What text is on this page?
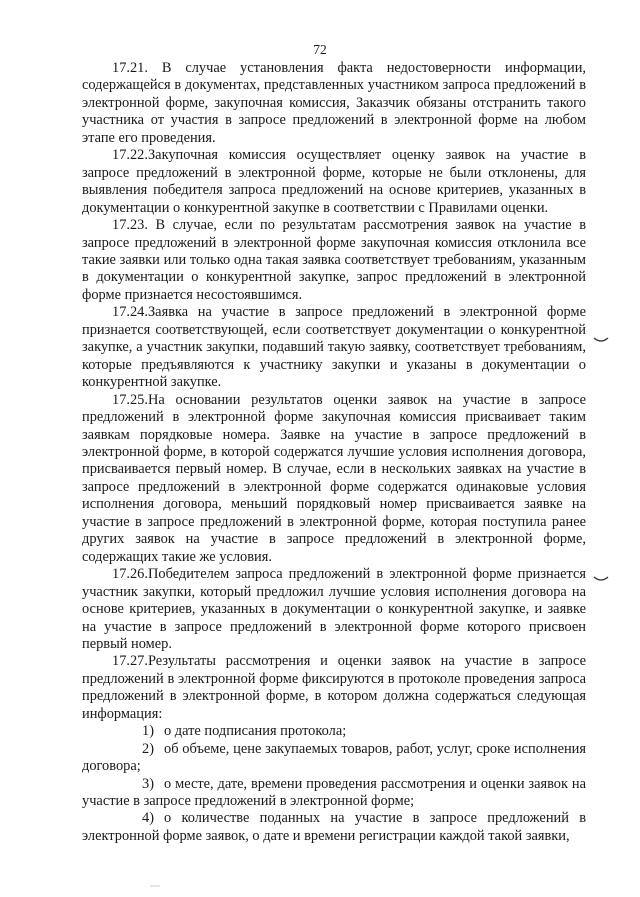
72

17.21. В случае установления факта недостоверности информации, содержащейся в документах, представленных участником запроса предложений в электронной форме, закупочная комиссия, Заказчик обязаны отстранить такого участника от участия в запросе предложений в электронной форме на любом этапе его проведения.

17.22.Закупочная комиссия осуществляет оценку заявок на участие в запросе предложений в электронной форме, которые не были отклонены, для выявления победителя запроса предложений на основе критериев, указанных в документации о конкурентной закупке в соответствии с Правилами оценки.

17.23. В случае, если по результатам рассмотрения заявок на участие в запросе предложений в электронной форме закупочная комиссия отклонила все такие заявки или только одна такая заявка соответствует требованиям, указанным в документации о конкурентной закупке, запрос предложений в электронной форме признается несостоявшимся.

17.24.Заявка на участие в запросе предложений в электронной форме признается соответствующей, если соответствует документации о конкурентной закупке, а участник закупки, подавший такую заявку, соответствует требованиям, которые предъявляются к участнику закупки и указаны в документации о конкурентной закупке.

17.25.На основании результатов оценки заявок на участие в запросе предложений в электронной форме закупочная комиссия присваивает таким заявкам порядковые номера. Заявке на участие в запросе предложений в электронной форме, в которой содержатся лучшие условия исполнения договора, присваивается первый номер. В случае, если в нескольких заявках на участие в запросе предложений в электронной форме содержатся одинаковые условия исполнения договора, меньший порядковый номер присваивается заявке на участие в запросе предложений в электронной форме, которая поступила ранее других заявок на участие в запросе предложений в электронной форме, содержащих такие же условия.

17.26.Победителем запроса предложений в электронной форме признается участник закупки, который предложил лучшие условия исполнения договора на основе критериев, указанных в документации о конкурентной закупке, и заявке на участие в запросе предложений в электронной форме которого присвоен первый номер.

17.27.Результаты рассмотрения и оценки заявок на участие в запросе предложений в электронной форме фиксируются в протоколе проведения запроса предложений в электронной форме, в котором должна содержаться следующая информация:

1) о дате подписания протокола;

2) об объеме, цене закупаемых товаров, работ, услуг, сроке исполнения договора;

3) о месте, дате, времени проведения рассмотрения и оценки заявок на участие в запросе предложений в электронной форме;

4) о количестве поданных на участие в запросе предложений в электронной форме заявок, о дате и времени регистрации каждой такой заявки,
